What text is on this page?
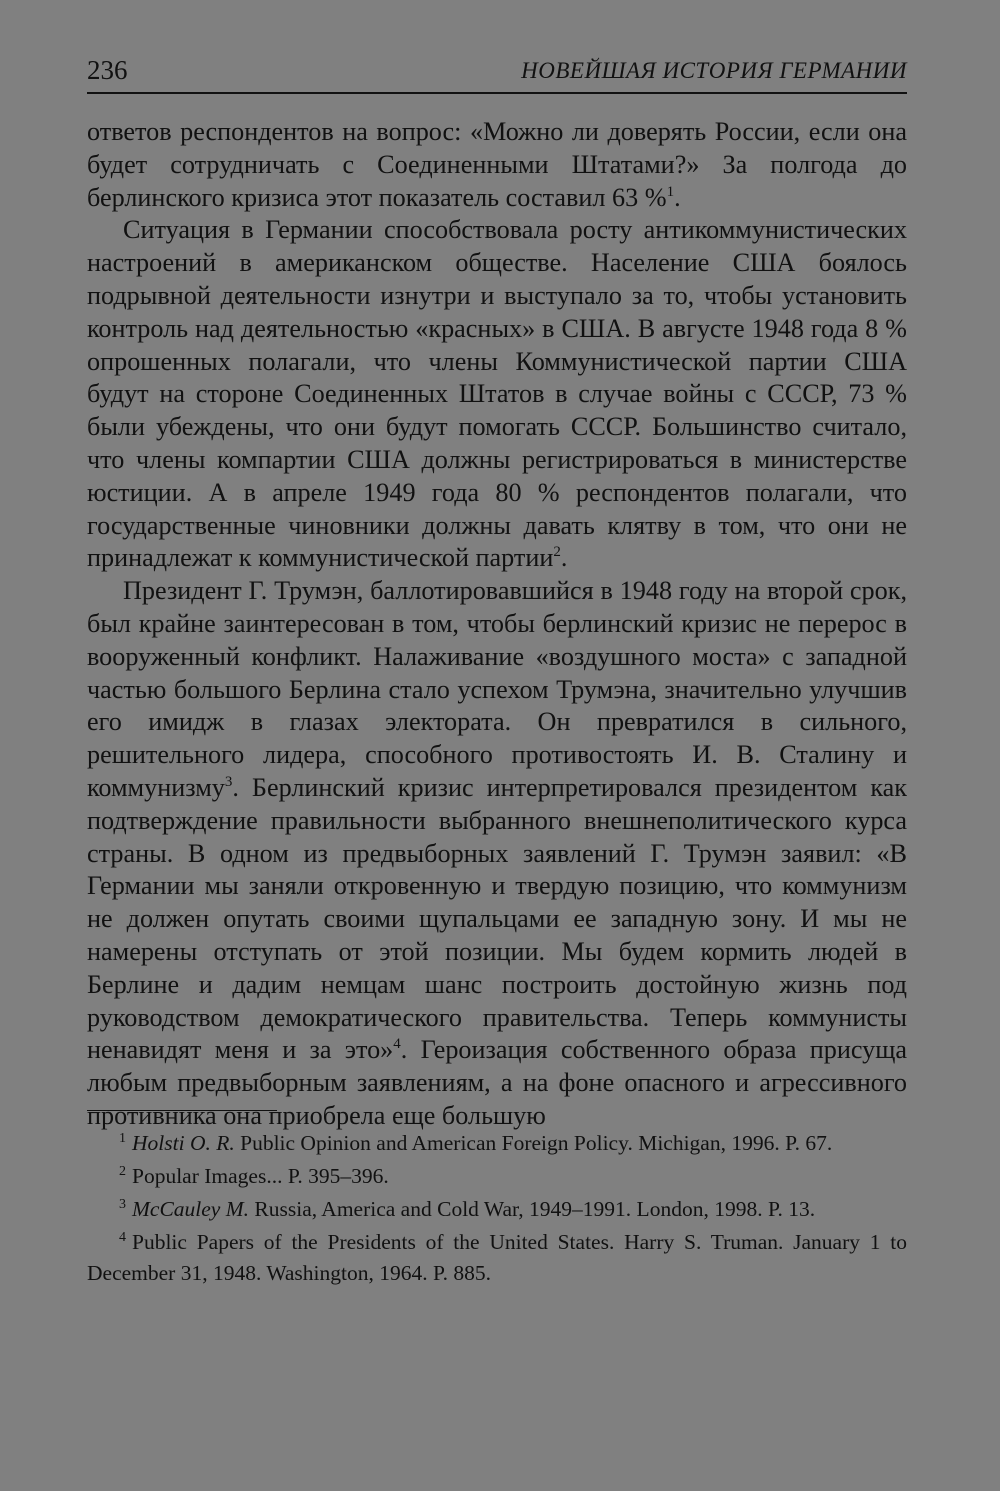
236	НОВЕЙШАЯ ИСТОРИЯ ГЕРМАНИИ

ответов респондентов на вопрос: «Можно ли доверять России, если она будет сотрудничать с Соединенными Штатами?» За полгода до берлинского кризиса этот показатель составил 63 %$^1$.

Ситуация в Германии способствовала росту антикоммунистических настроений в американском обществе. Население США боялось подрывной деятельности изнутри и выступало за то, чтобы установить контроль над деятельностью «красных» в США. В августе 1948 года 8 % опрошенных полагали, что члены Коммунистической партии США будут на стороне Соединенных Штатов в случае войны с СССР, 73 % были убеждены, что они будут помогать СССР. Большинство считало, что члены компартии США должны регистрироваться в министерстве юстиции. А в апреле 1949 года 80 % респондентов полагали, что государственные чиновники должны давать клятву в том, что они не принадлежат к коммунистической партии$^2$.

Президент Г. Трумэн, баллотировавшийся в 1948 году на второй срок, был крайне заинтересован в том, чтобы берлинский кризис не перерос в вооруженный конфликт. Налаживание «воздушного моста» с западной частью большого Берлина стало успехом Трумэна, значительно улучшив его имидж в глазах электората. Он превратился в сильного, решительного лидера, способного противостоять И. В. Сталину и коммунизму$^3$. Берлинский кризис интерпретировался президентом как подтверждение правильности выбранного внешнеполитического курса страны. В одном из предвыборных заявлений Г. Трумэн заявил: «В Германии мы заняли откровенную и твердую позицию, что коммунизм не должен опутать своими щупальцами ее западную зону. И мы не намерены отступать от этой позиции. Мы будем кормить людей в Берлине и дадим немцам шанс построить достойную жизнь под руководством демократического правительства. Теперь коммунисты ненавидят меня и за это»$^4$. Героизация собственного образа присуща любым предвыборным заявлениям, а на фоне опасного и агрессивного противника она приобрела еще большую

$^1$ Holsti O. R. Public Opinion and American Foreign Policy. Michigan, 1996. P. 67.

$^2$ Popular Images... P. 395–396.

$^3$ McCauley M. Russia, America and Cold War, 1949–1991. London, 1998. P. 13.

$^4$ Public Papers of the Presidents of the United States. Harry S. Truman. January 1 to December 31, 1948. Washington, 1964. P. 885.
